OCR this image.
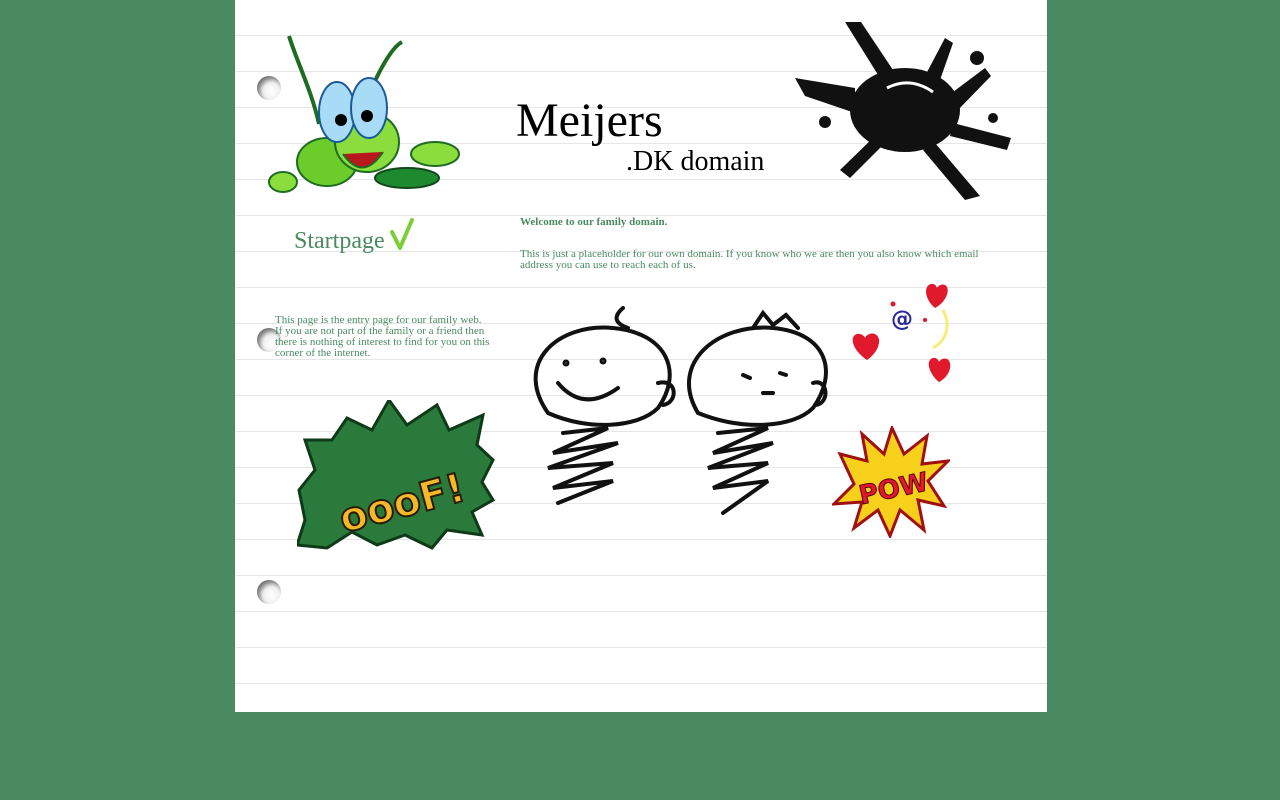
Meijers
.DK domain
Startpage

Welcome to our family domain.

This is just a placeholder for our own domain. If you know who we are then you also know which email address you can use to reach each of us.

This page is the entry page for our family web. If you are not part of the family or a friend then there is nothing of interest to find for you on this corner of the internet.

oooF!
@
POW
